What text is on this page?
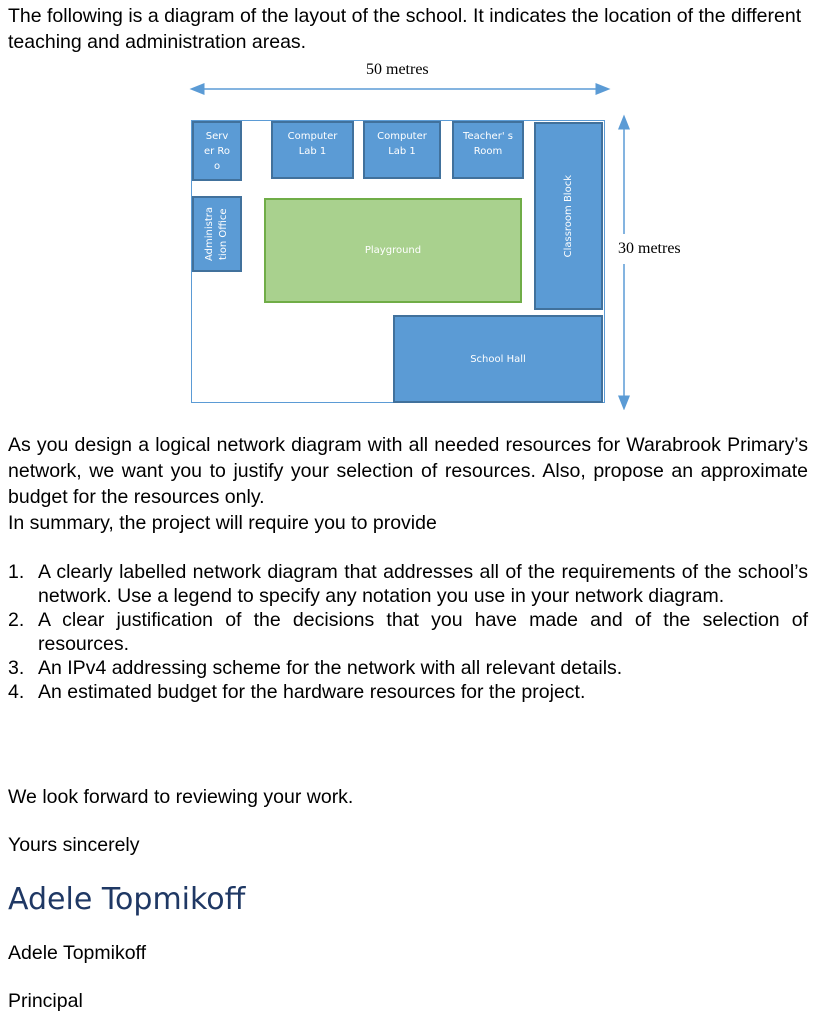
The following is a diagram of the layout of the school. It indicates the location of the different teaching and administration areas.

50 metres
30 metres
Serv er Roo
Computer Lab 1
Computer Lab 1
Teacher' s Room
Classroom Block
Administra tion Office	Playground
School Hall

As you design a logical network diagram with all needed resources for Warabrook Primary’s network, we want you to justify your selection of resources. Also, propose an approximate budget for the resources only.

In summary, the project will require you to provide

1. A clearly labelled network diagram that addresses all of the requirements of the school’s network. Use a legend to specify any notation you use in your network diagram.
2. A clear justification of the decisions that you have made and of the selection of resources.
3. An IPv4 addressing scheme for the network with all relevant details.
4. An estimated budget for the hardware resources for the project.

We look forward to reviewing your work.

Yours sincerely

Adele Topmikoff

Adele Topmikoff

Principal
